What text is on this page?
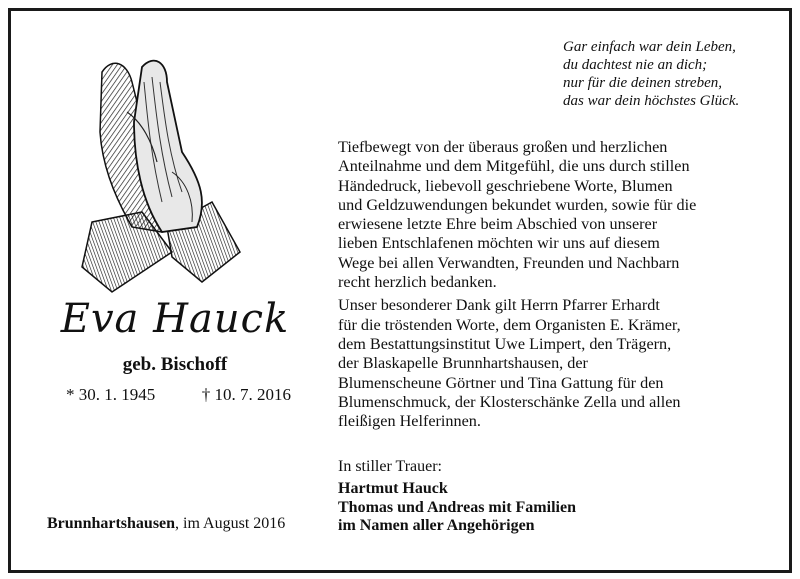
Eva Hauck
geb. Bischoff
* 30. 1. 1945	† 10. 7. 2016
Brunnhartshausen, im August 2016
Gar einfach war dein Leben,
du dachtest nie an dich;
nur für die deinen streben,
das war dein höchstes Glück.
Tiefbewegt von der überaus großen und herzlichen
Anteilnahme und dem Mitgefühl, die uns durch stillen
Händedruck, liebevoll geschriebene Worte, Blumen
und Geldzuwendungen bekundet wurden, sowie für die
erwiesene letzte Ehre beim Abschied von unserer
lieben Entschlafenen möchten wir uns auf diesem
Wege bei allen Verwandten, Freunden und Nachbarn
recht herzlich bedanken.
Unser besonderer Dank gilt Herrn Pfarrer Erhardt
für die tröstenden Worte, dem Organisten E. Krämer,
dem Bestattungsinstitut Uwe Limpert, den Trägern,
der Blaskapelle Brunnhartshausen, der
Blumenscheune Görtner und Tina Gattung für den
Blumenschmuck, der Klosterschänke Zella und allen
fleißigen Helferinnen.
In stiller Trauer:
Hartmut Hauck
Thomas und Andreas mit Familien
im Namen aller Angehörigen
